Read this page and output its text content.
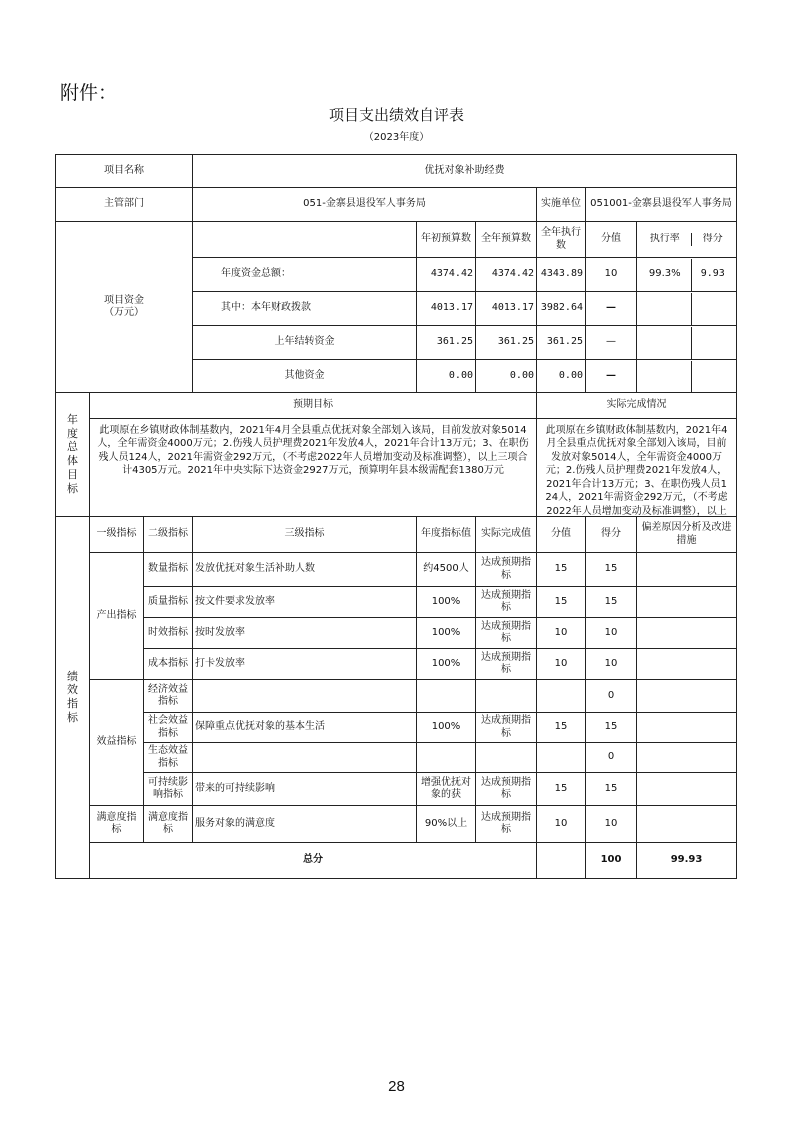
附件：
项目支出绩效自评表
（2023年度）
项目名称	优抚对象补助经费
主管部门	051-金寨县退役军人事务局	实施单位	051001-金寨县退役军人事务局

项目资金
（万元）
		年初预算数	全年预算数	全年执行数	分值		执行率	得分

年度资金总额：	4374.42	4374.42	4343.89	10		99.3%	9.93

其中：本年财政拨款	4013.17	4013.17	3982.64	—	

上年结转资金	361.25	361.25	361.25	—	

其他资金	0.00	0.00	0.00	—	

年度总体目标	预期目标	实际完成情况

此项原在乡镇财政体制基数内，2021年4月全县重点优抚对象全部划入该局，目前发放对象5014人，全年需资金4000万元；2.伤残人员护理费2021年发放4人，2021年合计13万元；3、在职伤残人员124人，2021年需资金292万元，（不考虑2022年人员增加变动及标准调整），以上三项合计4305万元。2021年中央实际下达资金2927万元，预算明年县本级需配套1380万元

此项原在乡镇财政体制基数内，2021年4月全县重点优抚对象全部划入该局，目前发放对象5014人，全年需资金4000万元；2.伤残人员护理费2021年发放4人，2021年合计13万元；3、在职伤残人员124人，2021年需资金292万元，（不考虑2022年人员增加变动及标准调整），以上

绩效指标	一级指标	二级指标	三级指标	年度指标值	实际完成值	分值	得分	偏差原因分析及改进措施
产出指标	数量指标	发放优抚对象生活补助人数	约4500人	达成预期指标	15	15	
质量指标	按文件要求发放率	100%	达成预期指标	15	15	
时效指标	按时发放率	100%	达成预期指标	10	10	
成本指标	打卡发放率	100%	达成预期指标	10	10	
效益指标	经济效益指标					0	
社会效益指标	保障重点优抚对象的基本生活	100%	达成预期指标	15	15	
生态效益指标					0	
可持续影响指标	带来的可持续影响	增强优抚对象的获	达成预期指标	15	15	
满意度指标	满意度指标	服务对象的满意度	90%以上	达成预期指标	10	10	
总分		100	99.93	
28
